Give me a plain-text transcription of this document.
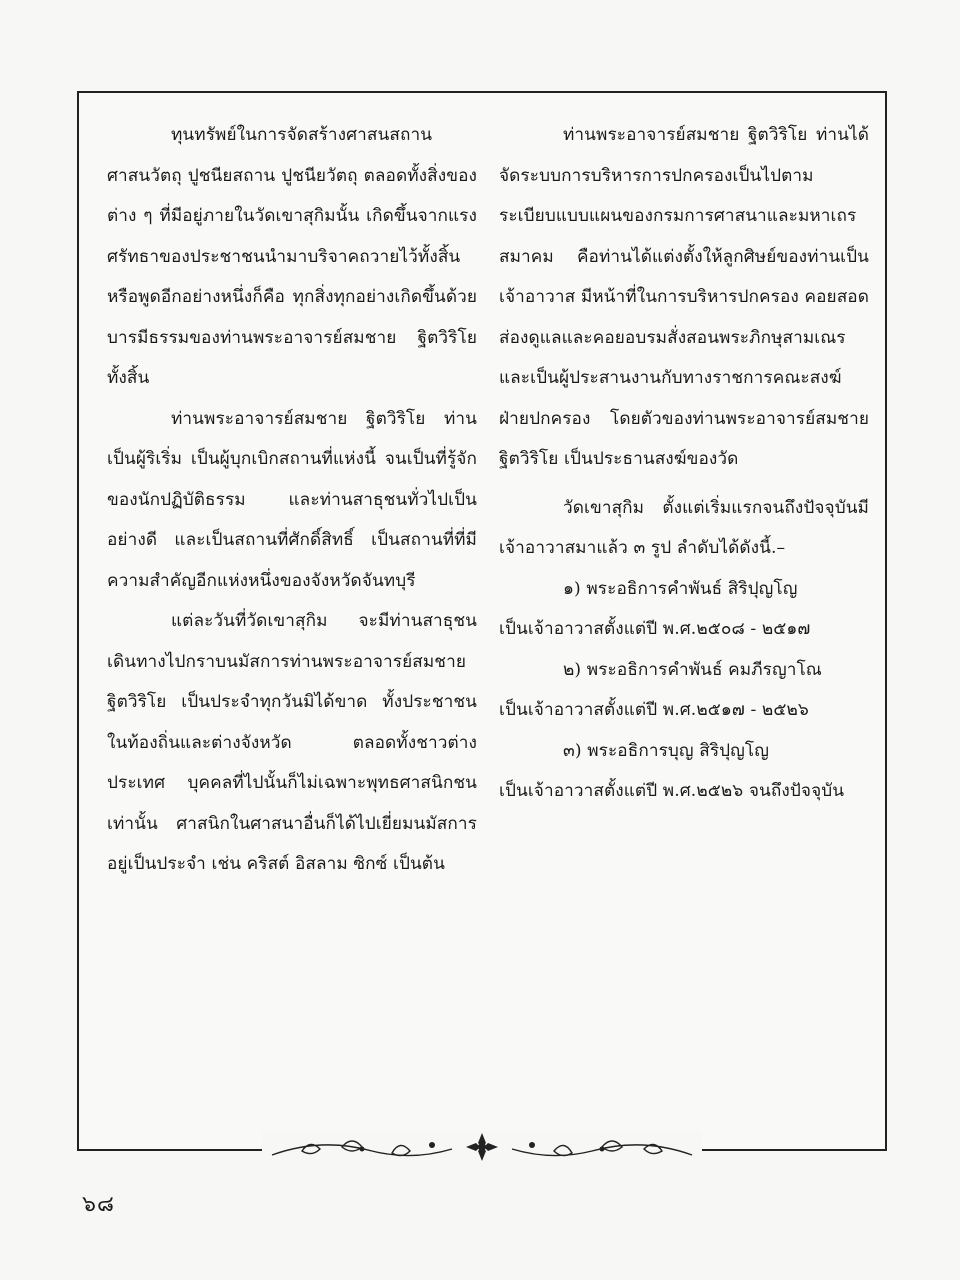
ทุนทรัพย์ในการจัดสร้างศาสนสถาน ศาสนวัตถุ ปูชนียสถาน ปูชนียวัตถุ ตลอดทั้งสิ่งของต่าง ๆ ที่มีอยู่ภายในวัดเขาสุกิมนั้น เกิดขึ้นจากแรงศรัทธาของประชาชนนำมาบริจาคถวายไว้ทั้งสิ้น หรือพูดอีกอย่างหนึ่งก็คือ ทุกสิ่งทุกอย่างเกิดขึ้นด้วยบารมีธรรมของท่านพระอาจารย์สมชาย ฐิตวิริโย ทั้งสิ้น

ท่านพระอาจารย์สมชาย ฐิตวิริโย ท่านเป็นผู้ริเริ่ม เป็นผู้บุกเบิกสถานที่แห่งนี้ จนเป็นที่รู้จักของนักปฏิบัติธรรม และท่านสาธุชนทั่วไปเป็นอย่างดี และเป็นสถานที่ศักดิ์สิทธิ์ เป็นสถานที่ที่มีความสำคัญอีกแห่งหนึ่งของจังหวัดจันทบุรี

แต่ละวันที่วัดเขาสุกิม จะมีท่านสาธุชนเดินทางไปกราบนมัสการท่านพระอาจารย์สมชาย ฐิตวิริโย เป็นประจำทุกวันมิได้ขาด ทั้งประชาชนในท้องถิ่นและต่างจังหวัด ตลอดทั้งชาวต่างประเทศ บุคคลที่ไปนั้นก็ไม่เฉพาะพุทธศาสนิกชนเท่านั้น ศาสนิกในศาสนาอื่นก็ได้ไปเยี่ยมนมัสการอยู่เป็นประจำ เช่น คริสต์ อิสลาม ซิกซ์ เป็นต้น

ท่านพระอาจารย์สมชาย ฐิตวิริโย ท่านได้จัดระบบการบริหารการปกครองเป็นไปตามระเบียบแบบแผนของกรมการศาสนาและมหาเถรสมาคม คือท่านได้แต่งตั้งให้ลูกศิษย์ของท่านเป็นเจ้าอาวาส มีหน้าที่ในการบริหารปกครอง คอยสอดส่องดูแลและคอยอบรมสั่งสอนพระภิกษุสามเณรและเป็นผู้ประสานงานกับทางราชการคณะสงฆ์ฝ่ายปกครอง โดยตัวของท่านพระอาจารย์สมชาย ฐิตวิริโย เป็นประธานสงฆ์ของวัด

วัดเขาสุกิม ตั้งแต่เริ่มแรกจนถึงปัจจุบันมีเจ้าอาวาสมาแล้ว ๓ รูป ลำดับได้ดังนี้.–

๑) พระอธิการคำพันธ์ สิริปุญโญ

เป็นเจ้าอาวาสตั้งแต่ปี พ.ศ.๒๕๐๘ - ๒๕๑๗

๒) พระอธิการคำพันธ์ คมภีรญาโณ

เป็นเจ้าอาวาสตั้งแต่ปี พ.ศ.๒๕๑๗ - ๒๕๒๖

๓) พระอธิการบุญ สิริปุญโญ

เป็นเจ้าอาวาสตั้งแต่ปี พ.ศ.๒๕๒๖ จนถึงปัจจุบัน

๖๘
